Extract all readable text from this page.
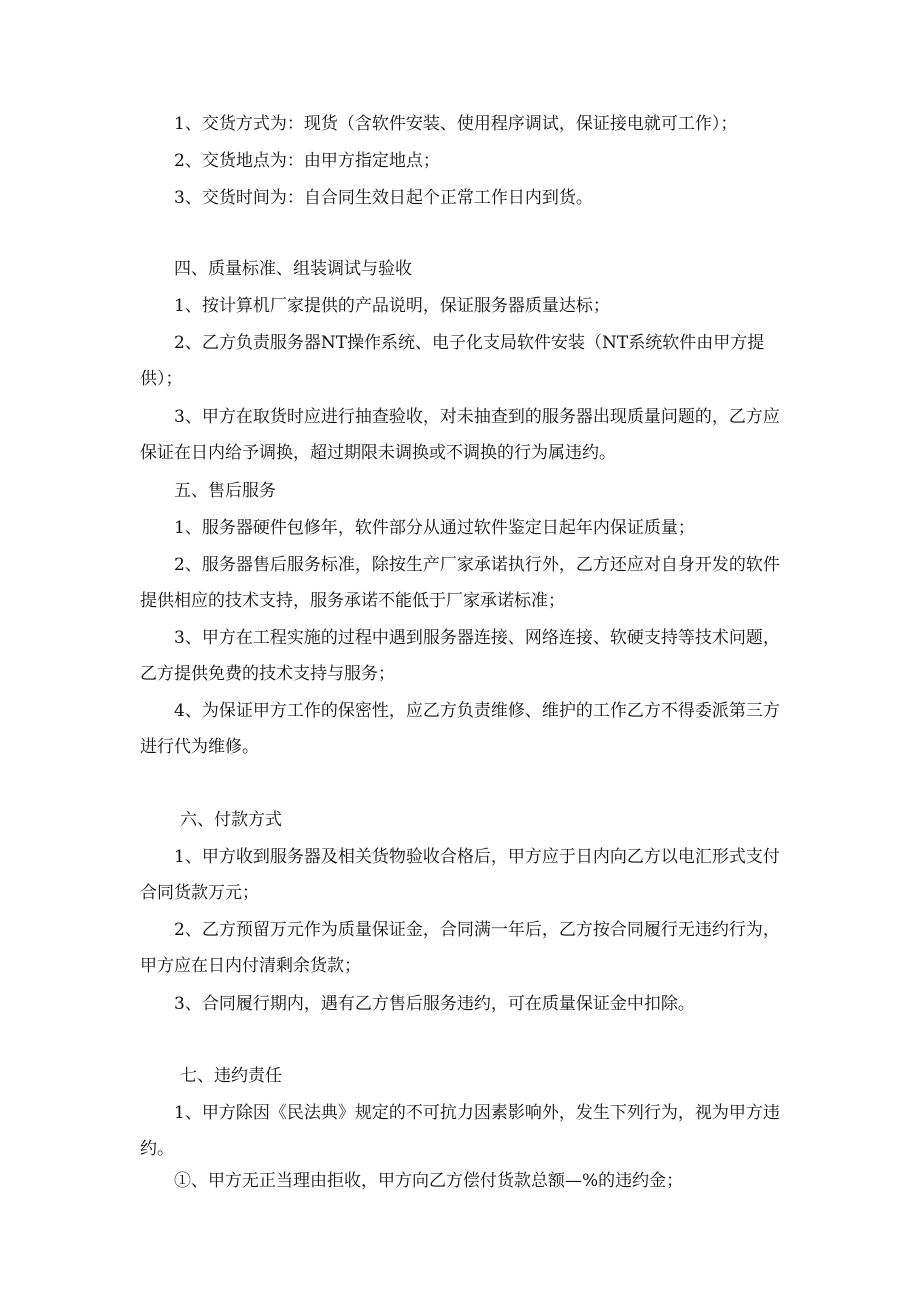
1、交货方式为：现货（含软件安装、使用程序调试，保证接电就可工作）；

2、交货地点为：由甲方指定地点；

3、交货时间为：自合同生效日起个正常工作日内到货。

四、质量标准、组装调试与验收

1、按计算机厂家提供的产品说明，保证服务器质量达标；

2、乙方负责服务器NT操作系统、电子化支局软件安装（NT系统软件由甲方提供）；

3、甲方在取货时应进行抽查验收，对未抽查到的服务器出现质量问题的，乙方应保证在日内给予调换，超过期限未调换或不调换的行为属违约。

五、售后服务

1、服务器硬件包修年，软件部分从通过软件鉴定日起年内保证质量；

2、服务器售后服务标准，除按生产厂家承诺执行外，乙方还应对自身开发的软件提供相应的技术支持，服务承诺不能低于厂家承诺标准；

3、甲方在工程实施的过程中遇到服务器连接、网络连接、软硬支持等技术问题，乙方提供免费的技术支持与服务；

4、为保证甲方工作的保密性，应乙方负责维修、维护的工作乙方不得委派第三方进行代为维修。

六、付款方式

1、甲方收到服务器及相关货物验收合格后，甲方应于日内向乙方以电汇形式支付合同货款万元；

2、乙方预留万元作为质量保证金，合同满一年后，乙方按合同履行无违约行为，甲方应在日内付清剩余货款；

3、合同履行期内，遇有乙方售后服务违约，可在质量保证金中扣除。

七、违约责任

1、甲方除因《民法典》规定的不可抗力因素影响外，发生下列行为，视为甲方违约。

①、甲方无正当理由拒收，甲方向乙方偿付货款总额—%的违约金；
